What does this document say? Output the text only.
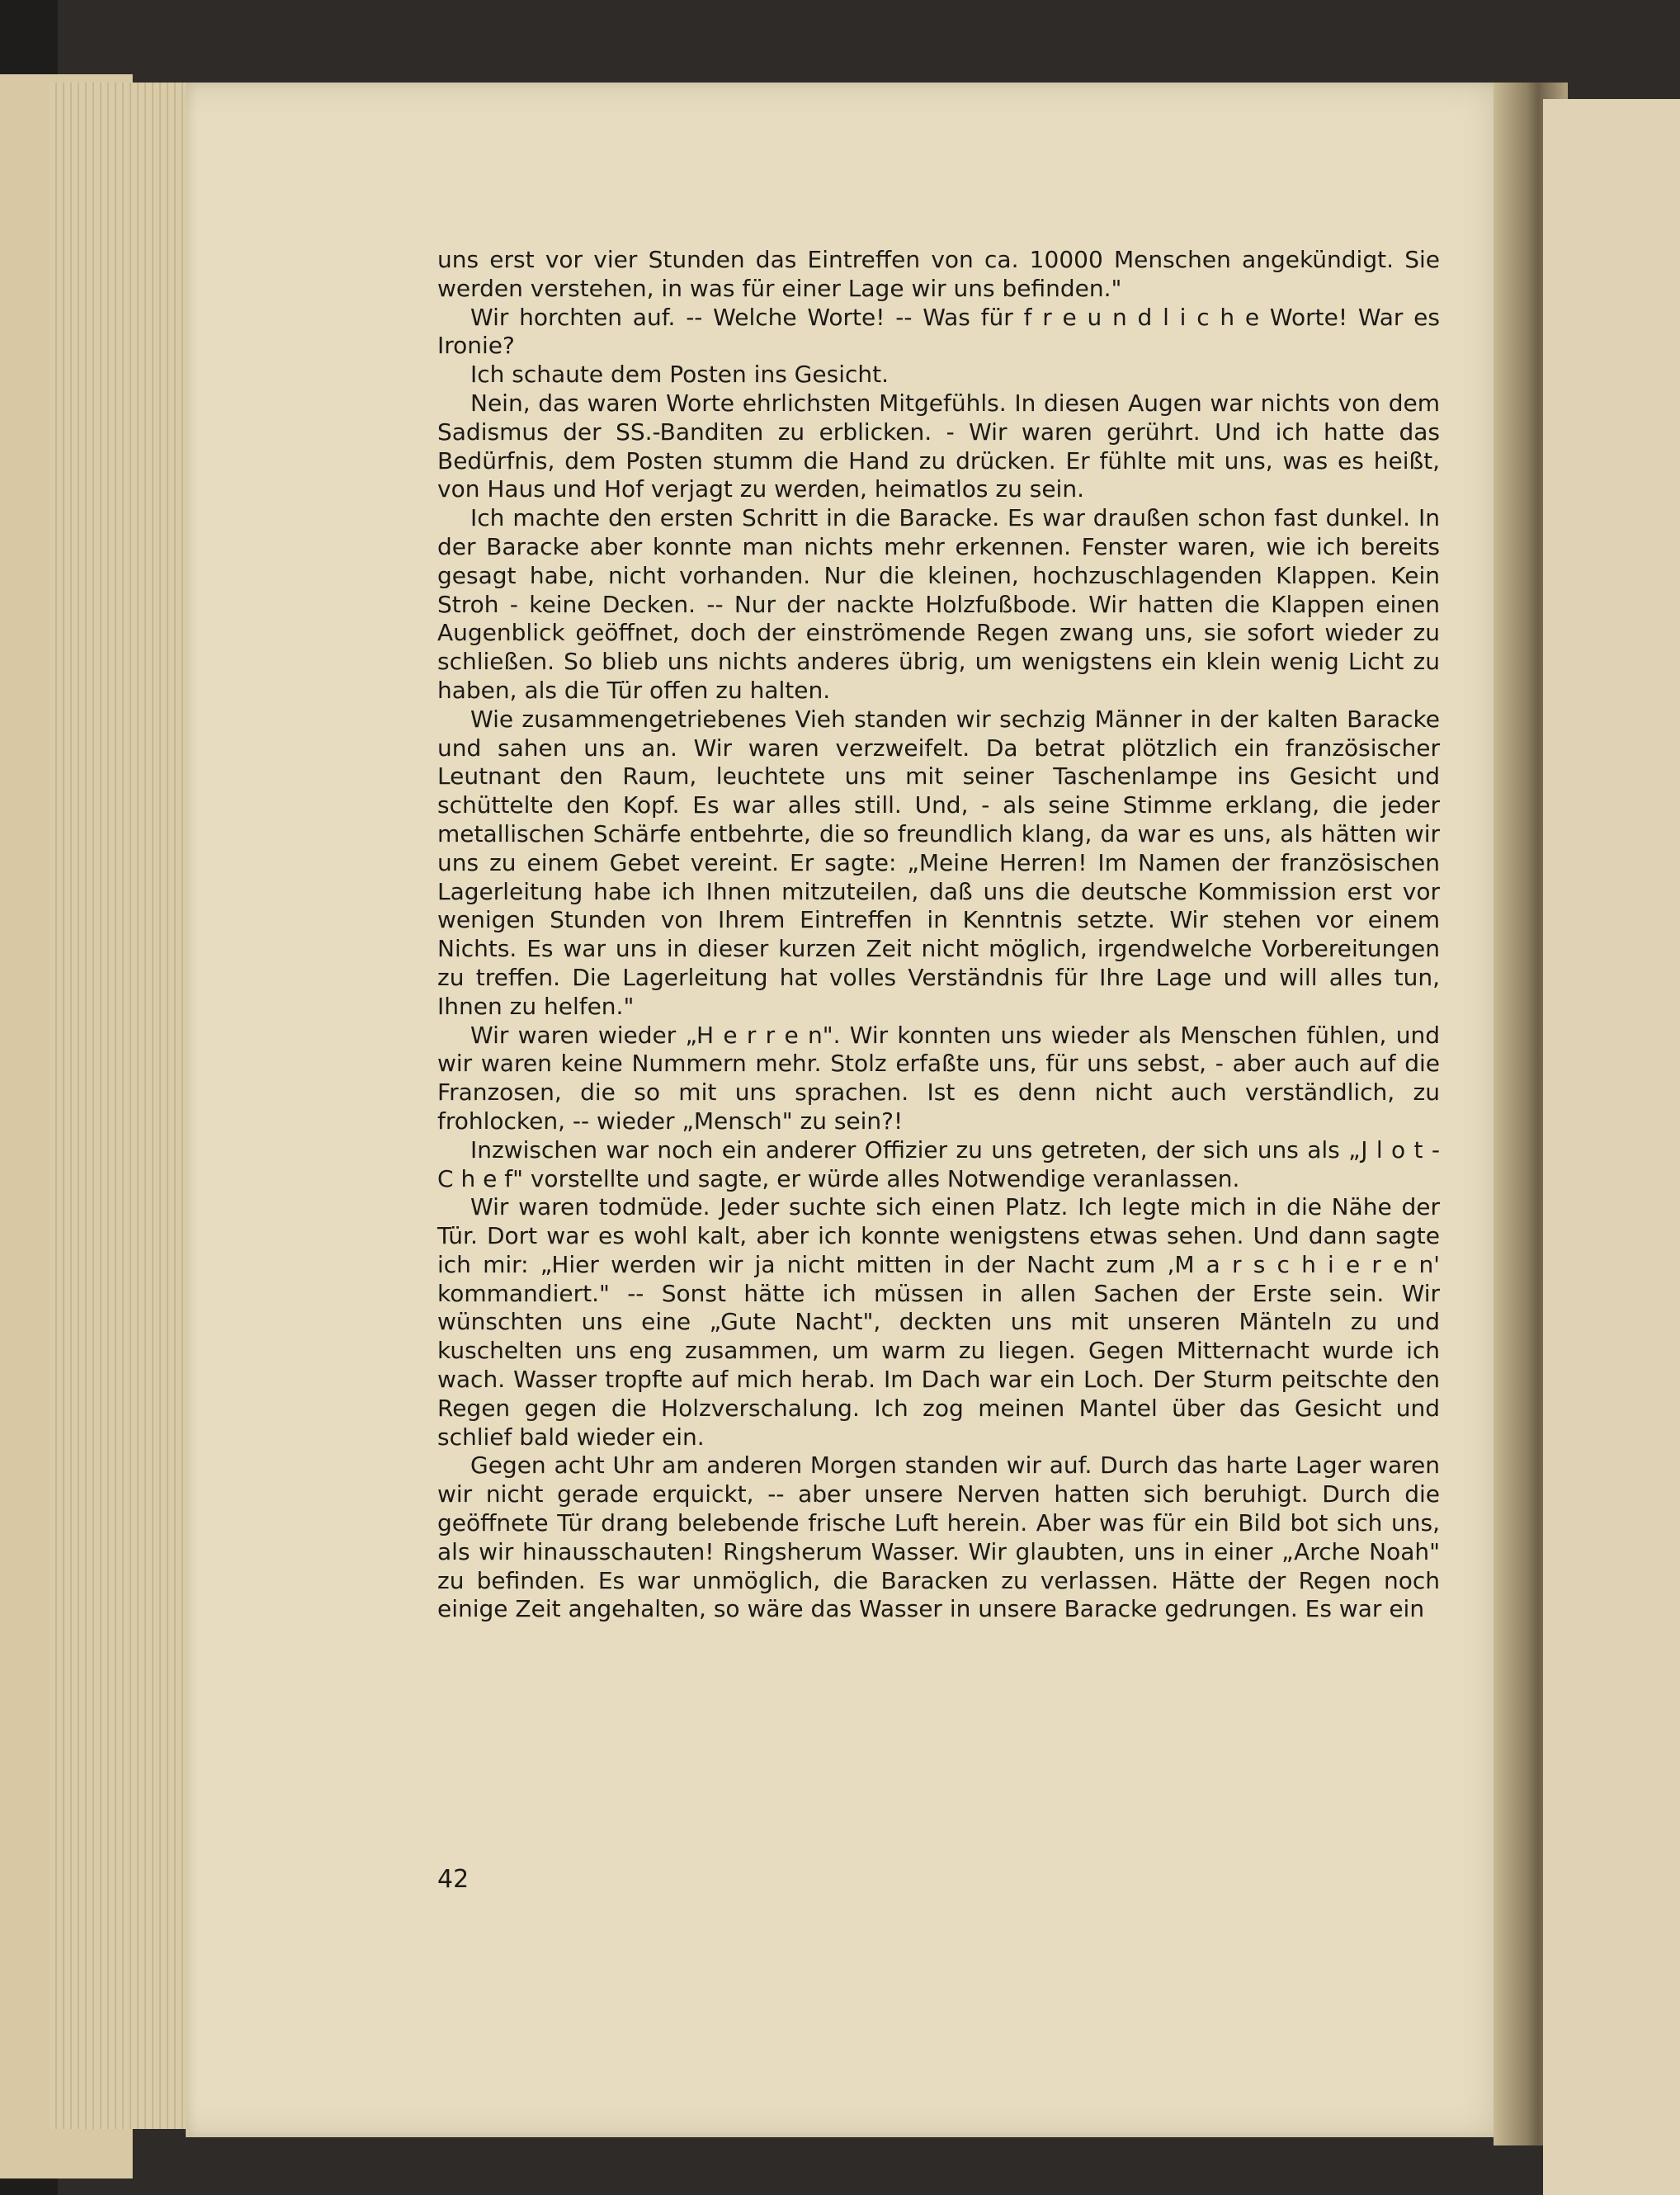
uns erst vor vier Stunden das Eintreffen von ca. 10000 Menschen angekündigt. Sie werden verstehen, in was für einer Lage wir uns befinden."

Wir horchten auf. -- Welche Worte! -- Was für f r e u n d l i c h e Worte! War es Ironie?

Ich schaute dem Posten ins Gesicht.

Nein, das waren Worte ehrlichsten Mitgefühls. In diesen Augen war nichts von dem Sadismus der SS.-Banditen zu erblicken. - Wir waren gerührt. Und ich hatte das Bedürfnis, dem Posten stumm die Hand zu drücken. Er fühlte mit uns, was es heißt, von Haus und Hof verjagt zu werden, heimatlos zu sein.

Ich machte den ersten Schritt in die Baracke. Es war draußen schon fast dunkel. In der Baracke aber konnte man nichts mehr erkennen. Fenster waren, wie ich bereits gesagt habe, nicht vorhanden. Nur die kleinen, hochzuschlagenden Klappen. Kein Stroh - keine Decken. -- Nur der nackte Holzfußbode. Wir hatten die Klappen einen Augenblick geöffnet, doch der einströmende Regen zwang uns, sie sofort wieder zu schließen. So blieb uns nichts anderes übrig, um wenigstens ein klein wenig Licht zu haben, als die Tür offen zu halten.

Wie zusammengetriebenes Vieh standen wir sechzig Männer in der kalten Baracke und sahen uns an. Wir waren verzweifelt. Da betrat plötzlich ein französischer Leutnant den Raum, leuchtete uns mit seiner Taschenlampe ins Gesicht und schüttelte den Kopf. Es war alles still. Und, - als seine Stimme erklang, die jeder metallischen Schärfe entbehrte, die so freundlich klang, da war es uns, als hätten wir uns zu einem Gebet vereint. Er sagte: „Meine Herren! Im Namen der französischen Lagerleitung habe ich Ihnen mitzuteilen, daß uns die deutsche Kommission erst vor wenigen Stunden von Ihrem Eintreffen in Kenntnis setzte. Wir stehen vor einem Nichts. Es war uns in dieser kurzen Zeit nicht möglich, irgendwelche Vorbereitungen zu treffen. Die Lagerleitung hat volles Verständnis für Ihre Lage und will alles tun, Ihnen zu helfen."

Wir waren wieder „H e r r e n". Wir konnten uns wieder als Menschen fühlen, und wir waren keine Nummern mehr. Stolz erfaßte uns, für uns sebst, - aber auch auf die Franzosen, die so mit uns sprachen. Ist es denn nicht auch verständlich, zu frohlocken, -- wieder „Mensch" zu sein?!

Inzwischen war noch ein anderer Offizier zu uns getreten, der sich uns als „J l o t - C h e f" vorstellte und sagte, er würde alles Notwendige veranlassen.

Wir waren todmüde. Jeder suchte sich einen Platz. Ich legte mich in die Nähe der Tür. Dort war es wohl kalt, aber ich konnte wenigstens etwas sehen. Und dann sagte ich mir: „Hier werden wir ja nicht mitten in der Nacht zum ‚M a r s c h i e r e n' kommandiert." -- Sonst hätte ich müssen in allen Sachen der Erste sein. Wir wünschten uns eine „Gute Nacht", deckten uns mit unseren Mänteln zu und kuschelten uns eng zusammen, um warm zu liegen. Gegen Mitternacht wurde ich wach. Wasser tropfte auf mich herab. Im Dach war ein Loch. Der Sturm peitschte den Regen gegen die Holzverschalung. Ich zog meinen Mantel über das Gesicht und schlief bald wieder ein.

Gegen acht Uhr am anderen Morgen standen wir auf. Durch das harte Lager waren wir nicht gerade erquickt, -- aber unsere Nerven hatten sich beruhigt. Durch die geöffnete Tür drang belebende frische Luft herein. Aber was für ein Bild bot sich uns, als wir hinausschauten! Ringsherum Wasser. Wir glaubten, uns in einer „Arche Noah" zu befinden. Es war unmöglich, die Baracken zu verlassen. Hätte der Regen noch einige Zeit angehalten, so wäre das Wasser in unsere Baracke gedrungen. Es war ein

42
